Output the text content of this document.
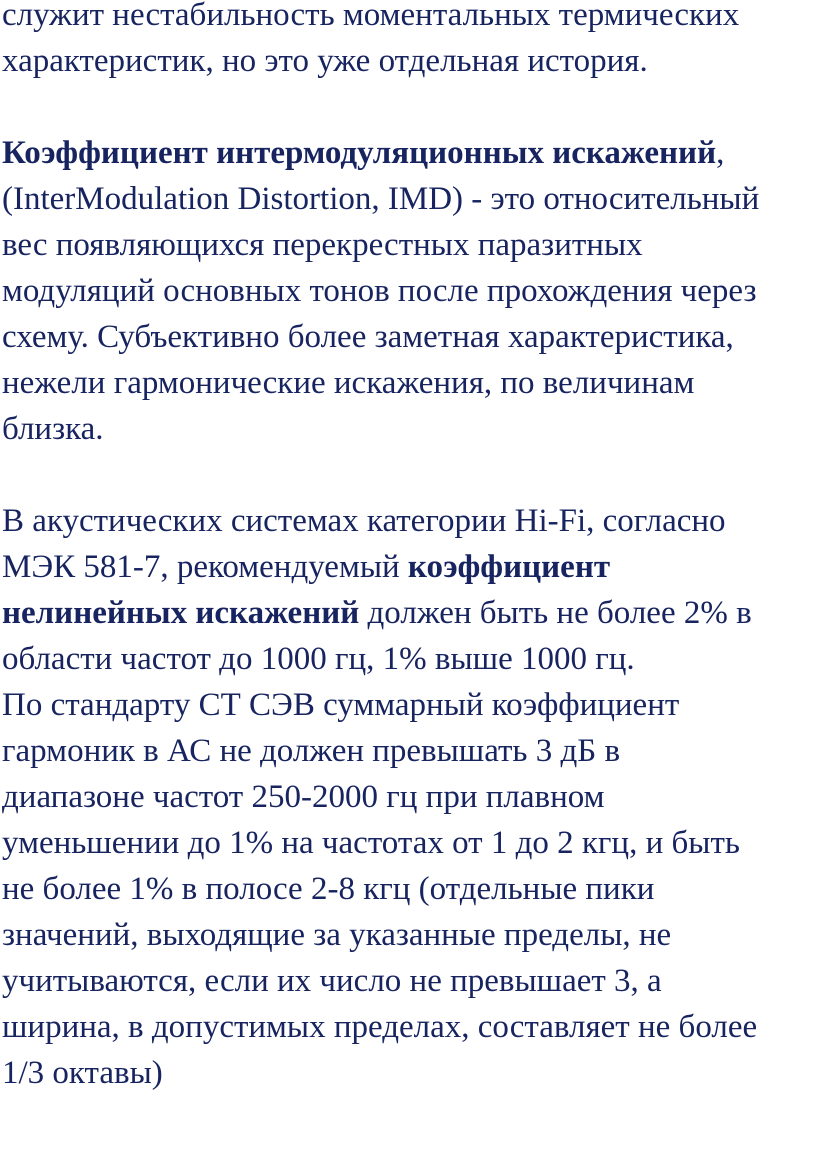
служит нестабильность моментальных термических
характеристик, но это уже отдельная история.

Коэффициент интермодуляционных искажений,
(InterModulation Distortion, IMD) - это относительный
вес появляющихся перекрестных паразитных
модуляций основных тонов после прохождения через
схему. Субъективно более заметная характеристика,
нежели гармонические искажения, по величинам
близка.

В акустических системах категории Hi-Fi, согласно
МЭК 581-7, рекомендуемый коэффициент
нелинейных искажений должен быть не более 2% в
области частот до 1000 гц, 1% выше 1000 гц.

По стандарту СТ СЭВ суммарный коэффициент
гармоник в АС не должен превышать 3 дБ в
диапазоне частот 250-2000 гц при плавном
уменьшении до 1% на частотах от 1 до 2 кгц, и быть
не более 1% в полосе 2-8 кгц (отдельные пики
значений, выходящие за указанные пределы, не
учитываются, если их число не превышает 3, а
ширина, в допустимых пределах, составляет не более
1/3 октавы)
